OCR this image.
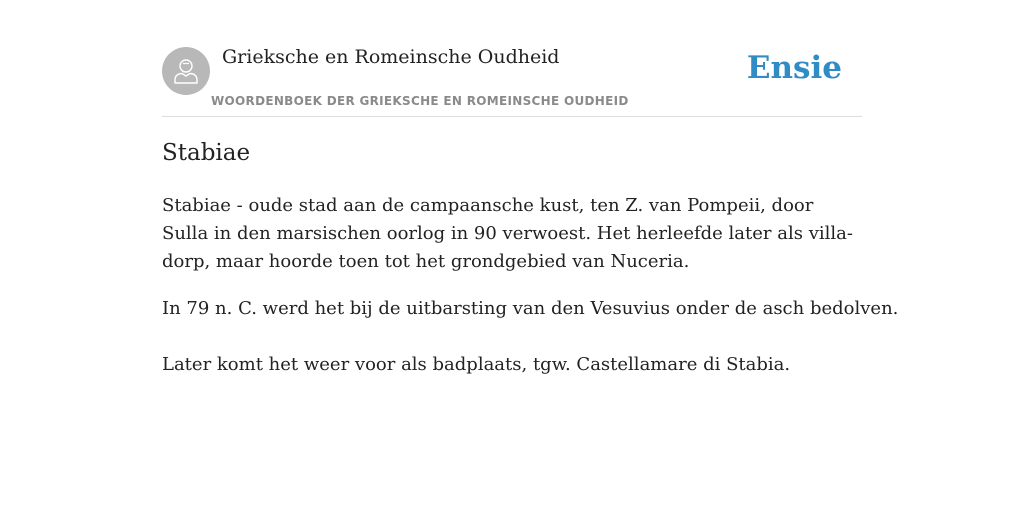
Grieksche en Romeinsche Oudheid
WOORDENBOEK DER GRIEKSCHE EN ROMEINSCHE OUDHEID
Ensie
Stabiae

Stabiae - oude stad aan de campaansche kust, ten Z. van Pompeii, door Sulla in den marsischen oorlog in 90 verwoest. Het herleefde later als villa-dorp, maar hoorde toen tot het grondgebied van Nuceria.

In 79 n. C. werd het bij de uitbarsting van den Vesuvius onder de asch bedolven.

Later komt het weer voor als badplaats, tgw. Castellamare di Stabia.
